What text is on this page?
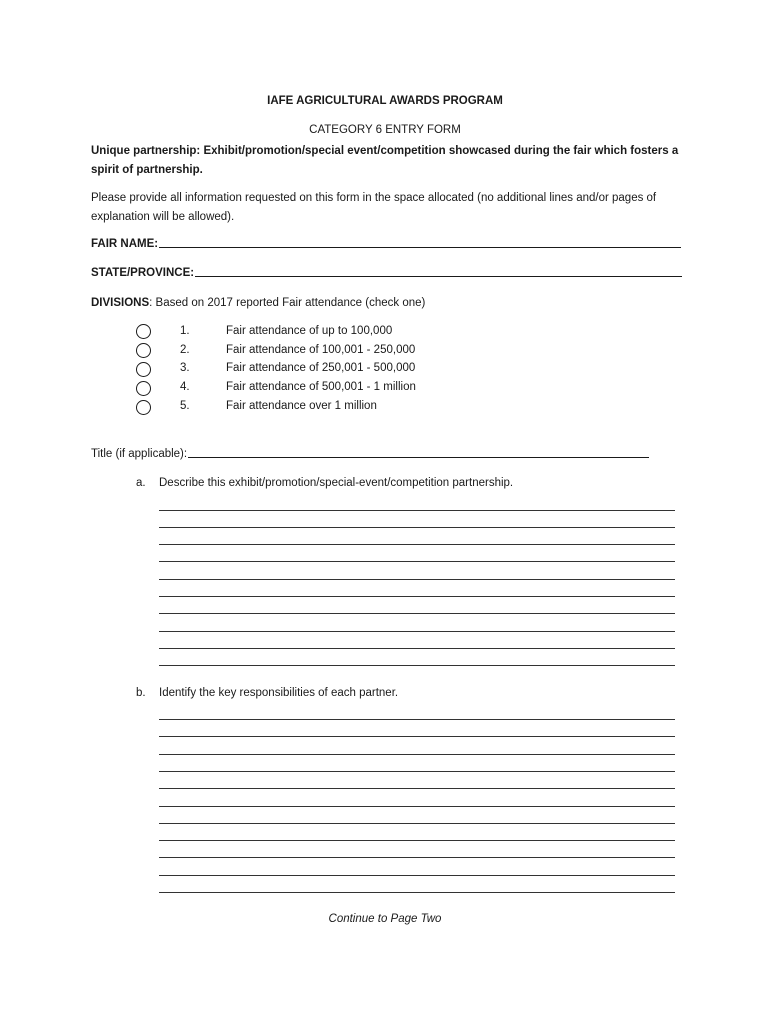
IAFE AGRICULTURAL AWARDS PROGRAM
CATEGORY 6 ENTRY FORM
Unique partnership: Exhibit/promotion/special event/competition showcased during the fair which fosters a spirit of partnership.
Please provide all information requested on this form in the space allocated (no additional lines and/or pages of explanation will be allowed).
FAIR NAME:
STATE/PROVINCE:
DIVISIONS: Based on 2017 reported Fair attendance (check one)
1.	Fair attendance of up to 100,000
2.	Fair attendance of 100,001 - 250,000
3.	Fair attendance of 250,001 - 500,000
4.	Fair attendance of 500,001 - 1 million
5.	Fair attendance over 1 million
Title (if applicable):
a. Describe this exhibit/promotion/special-event/competition partnership.
b. Identify the key responsibilities of each partner.
Continue to Page Two
